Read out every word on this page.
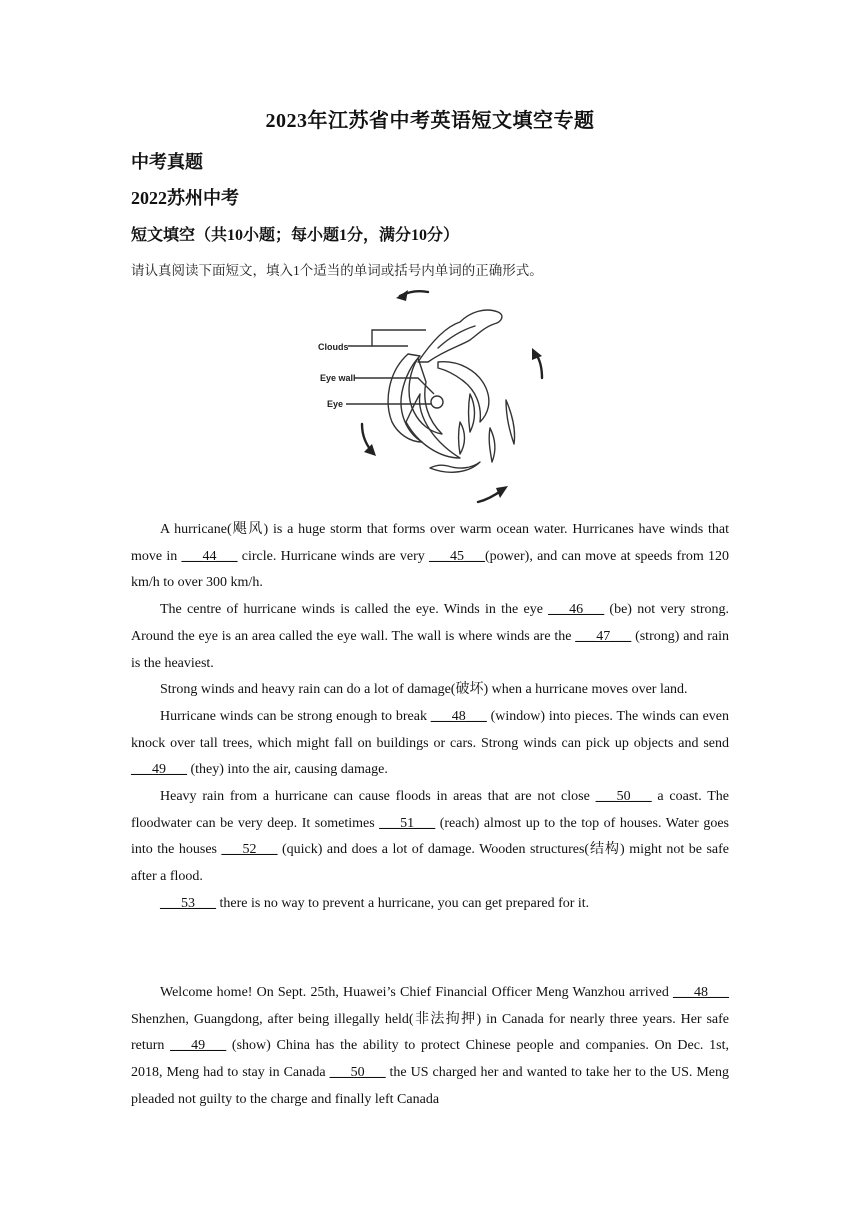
2023年江苏省中考英语短文填空专题
中考真题
2022苏州中考
短文填空（共10小题；每小题1分，满分10分）
请认真阅读下面短文，填入1个适当的单词或括号内单词的正确形式。
Clouds
Eye wall
Eye

A hurricane(飓风) is a huge storm that forms over warm ocean water. Hurricanes have winds that move in ___44___ circle. Hurricane winds are very ___45___(power), and can move at speeds from 120 km/h to over 300 km/h.

The centre of hurricane winds is called the eye. Winds in the eye ___46___ (be) not very strong. Around the eye is an area called the eye wall. The wall is where winds are the ___47___ (strong) and rain is the heaviest.

Strong winds and heavy rain can do a lot of damage(破坏) when a hurricane moves over land.

Hurricane winds can be strong enough to break ___48___ (window) into pieces. The winds can even knock over tall trees, which might fall on buildings or cars. Strong winds can pick up objects and send ___49___ (they) into the air, causing damage.

Heavy rain from a hurricane can cause floods in areas that are not close ___50___ a coast. The floodwater can be very deep. It sometimes ___51___ (reach) almost up to the top of houses. Water goes into the houses ___52___ (quick) and does a lot of damage. Wooden structures(结构) might not be safe after a flood.

___53___ there is no way to prevent a hurricane, you can get prepared for it.

Welcome home! On Sept. 25th, Huawei’s Chief Financial Officer Meng Wanzhou arrived ___48___ Shenzhen, Guangdong, after being illegally held(非法拘押) in Canada for nearly three years. Her safe return ___49___ (show) China has the ability to protect Chinese people and companies. On Dec. 1st, 2018, Meng had to stay in Canada ___50___ the US charged her and wanted to take her to the US. Meng pleaded not guilty to the charge and finally left Canada
